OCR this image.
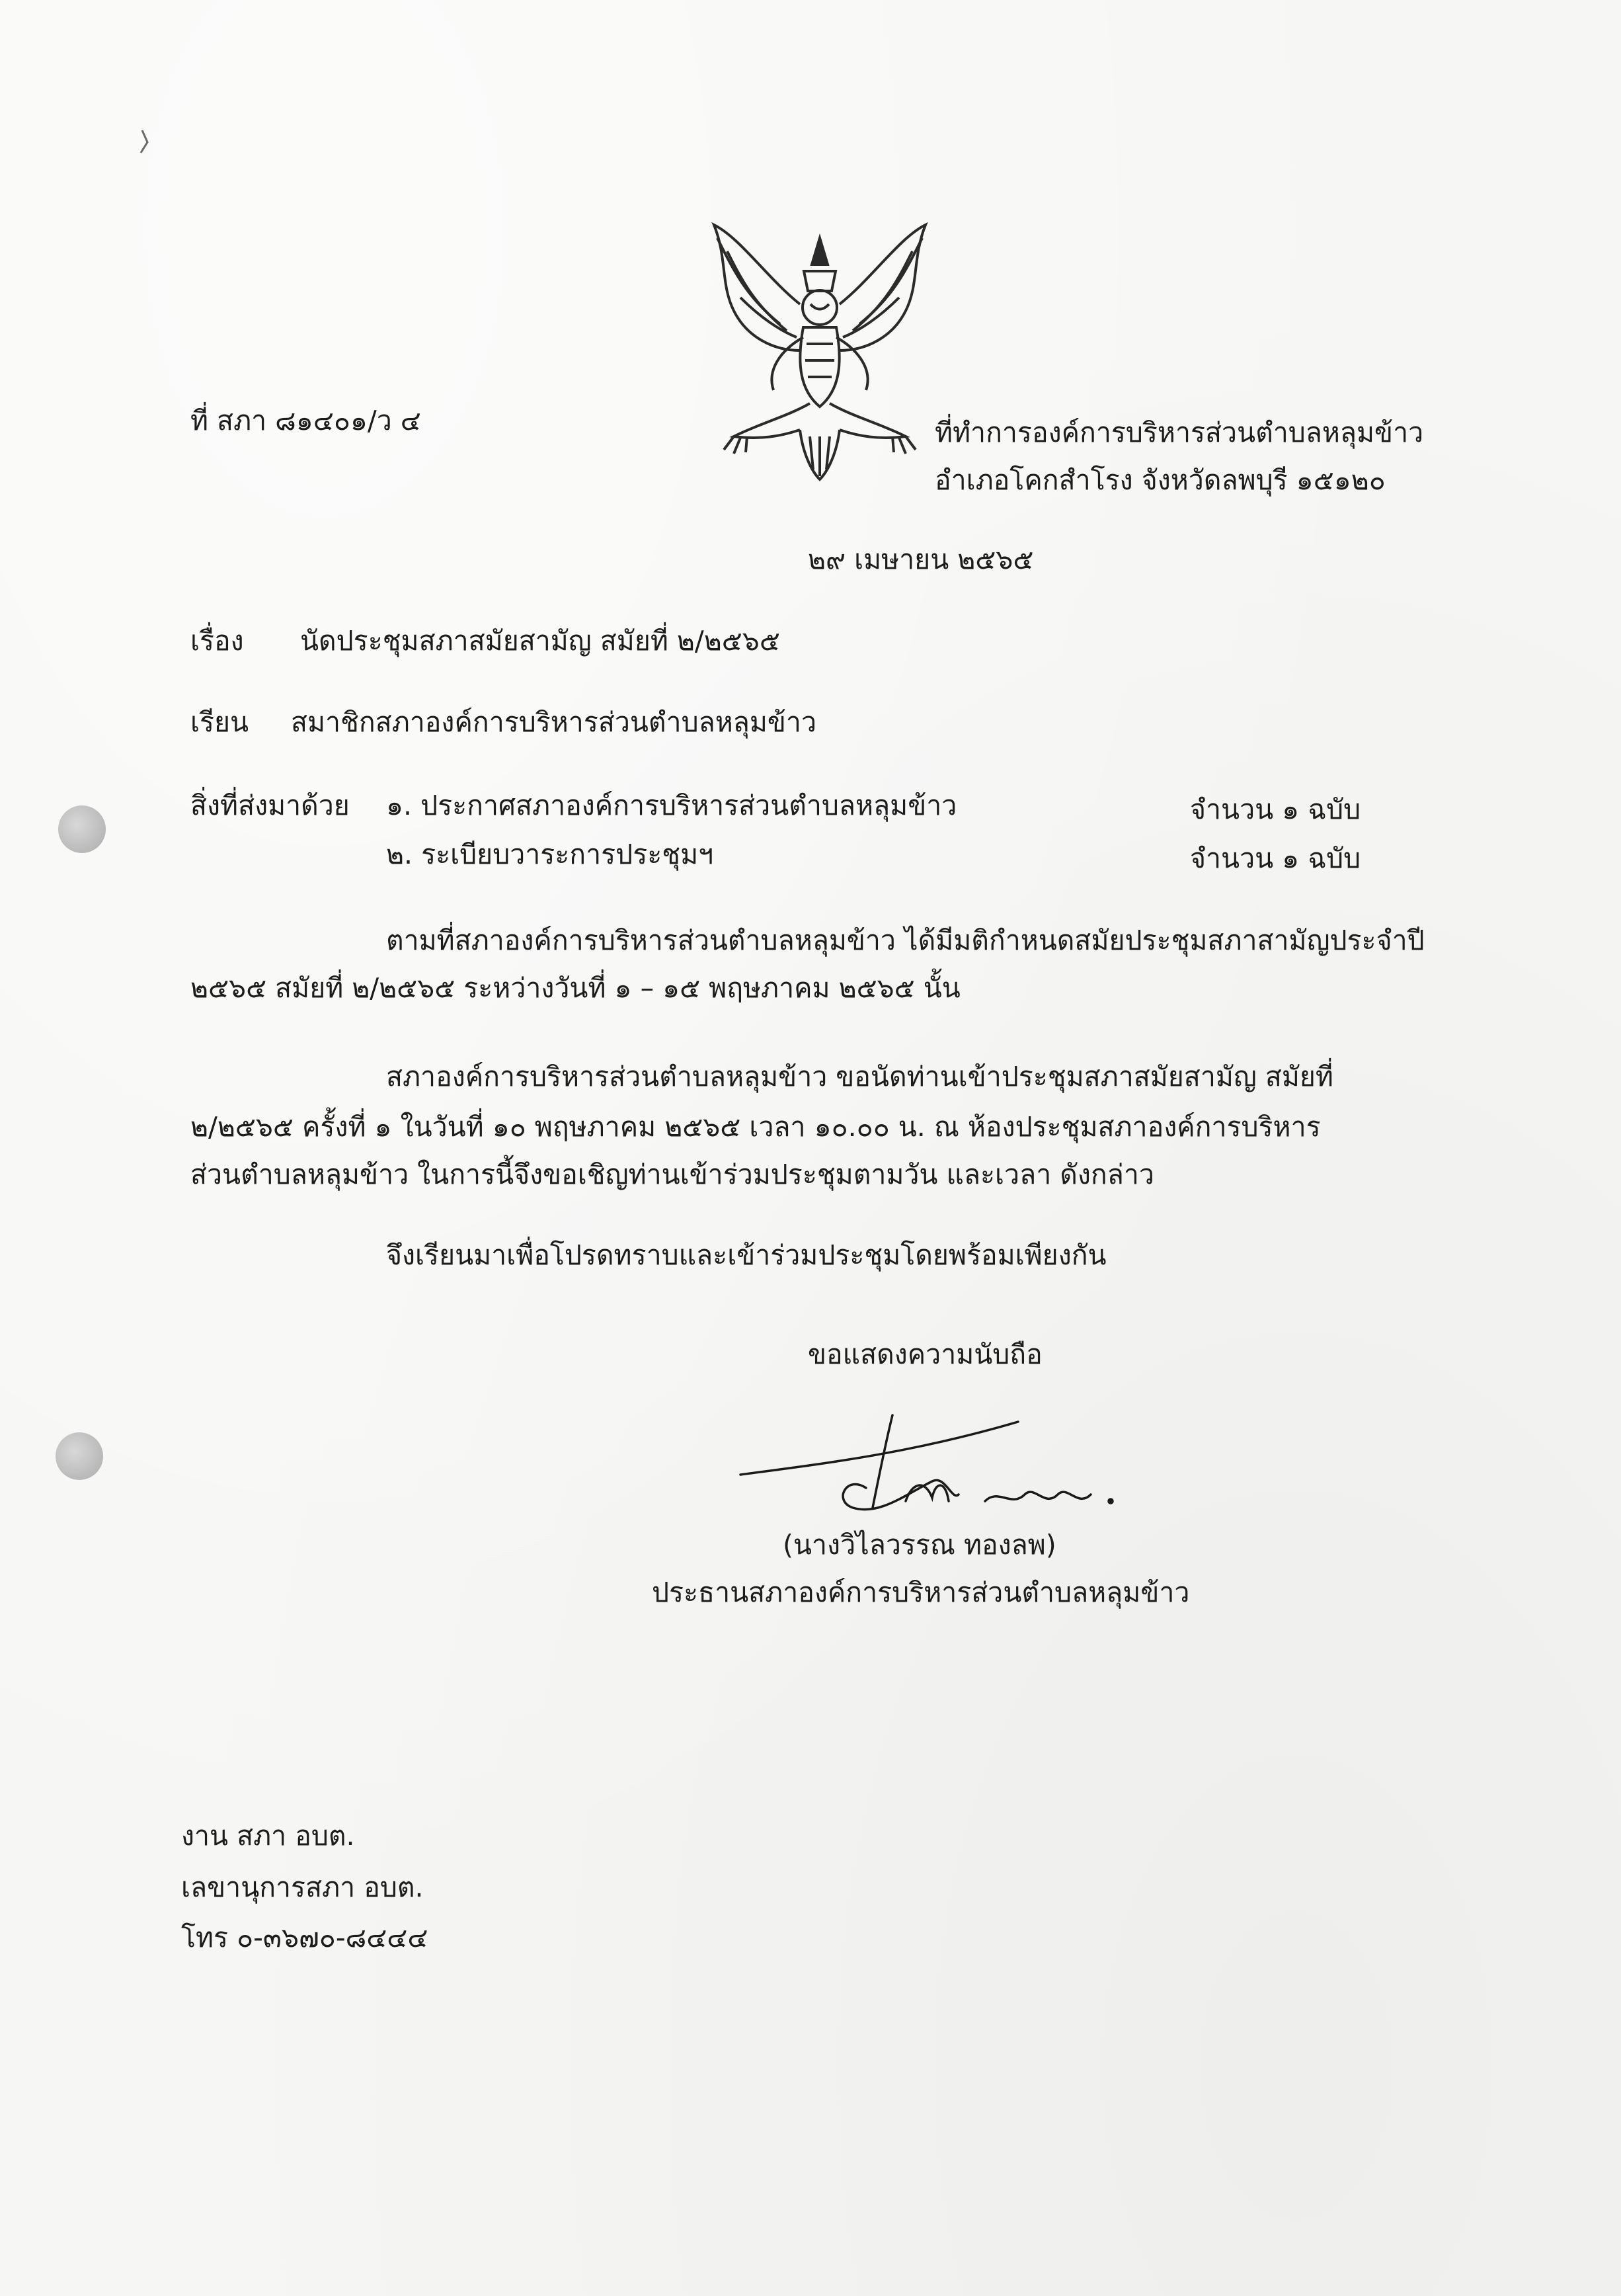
ที่ สภา ๘๑๔๐๑/ว ๔	ที่ทำการองค์การบริหารส่วนตำบลหลุมข้าว
อำเภอโคกสำโรง จังหวัดลพบุรี ๑๕๑๒๐
๒๙ เมษายน ๒๕๖๕
เรื่อง นัดประชุมสภาสมัยสามัญ สมัยที่ ๒/๒๕๖๕
เรียน สมาชิกสภาองค์การบริหารส่วนตำบลหลุมข้าว
สิ่งที่ส่งมาด้วย ๑. ประกาศสภาองค์การบริหารส่วนตำบลหลุมข้าว	จำนวน ๑ ฉบับ
๒. ระเบียบวาระการประชุมฯ	จำนวน ๑ ฉบับ
ตามที่สภาองค์การบริหารส่วนตำบลหลุมข้าว ได้มีมติกำหนดสมัยประชุมสภาสามัญประจำปี
๒๕๖๕ สมัยที่ ๒/๒๕๖๕ ระหว่างวันที่ ๑ – ๑๕ พฤษภาคม ๒๕๖๕ นั้น
สภาองค์การบริหารส่วนตำบลหลุมข้าว ขอนัดท่านเข้าประชุมสภาสมัยสามัญ สมัยที่
๒/๒๕๖๕ ครั้งที่ ๑ ในวันที่ ๑๐ พฤษภาคม ๒๕๖๕ เวลา ๑๐.๐๐ น. ณ ห้องประชุมสภาองค์การบริหาร
ส่วนตำบลหลุมข้าว ในการนี้จึงขอเชิญท่านเข้าร่วมประชุมตามวัน และเวลา ดังกล่าว
จึงเรียนมาเพื่อโปรดทราบและเข้าร่วมประชุมโดยพร้อมเพียงกัน
ขอแสดงความนับถือ
(นางวิไลวรรณ ทองลพ)
ประธานสภาองค์การบริหารส่วนตำบลหลุมข้าว
งาน สภา อบต.
เลขานุการสภา อบต.
โทร ๐-๓๖๗๐-๘๔๔๔
